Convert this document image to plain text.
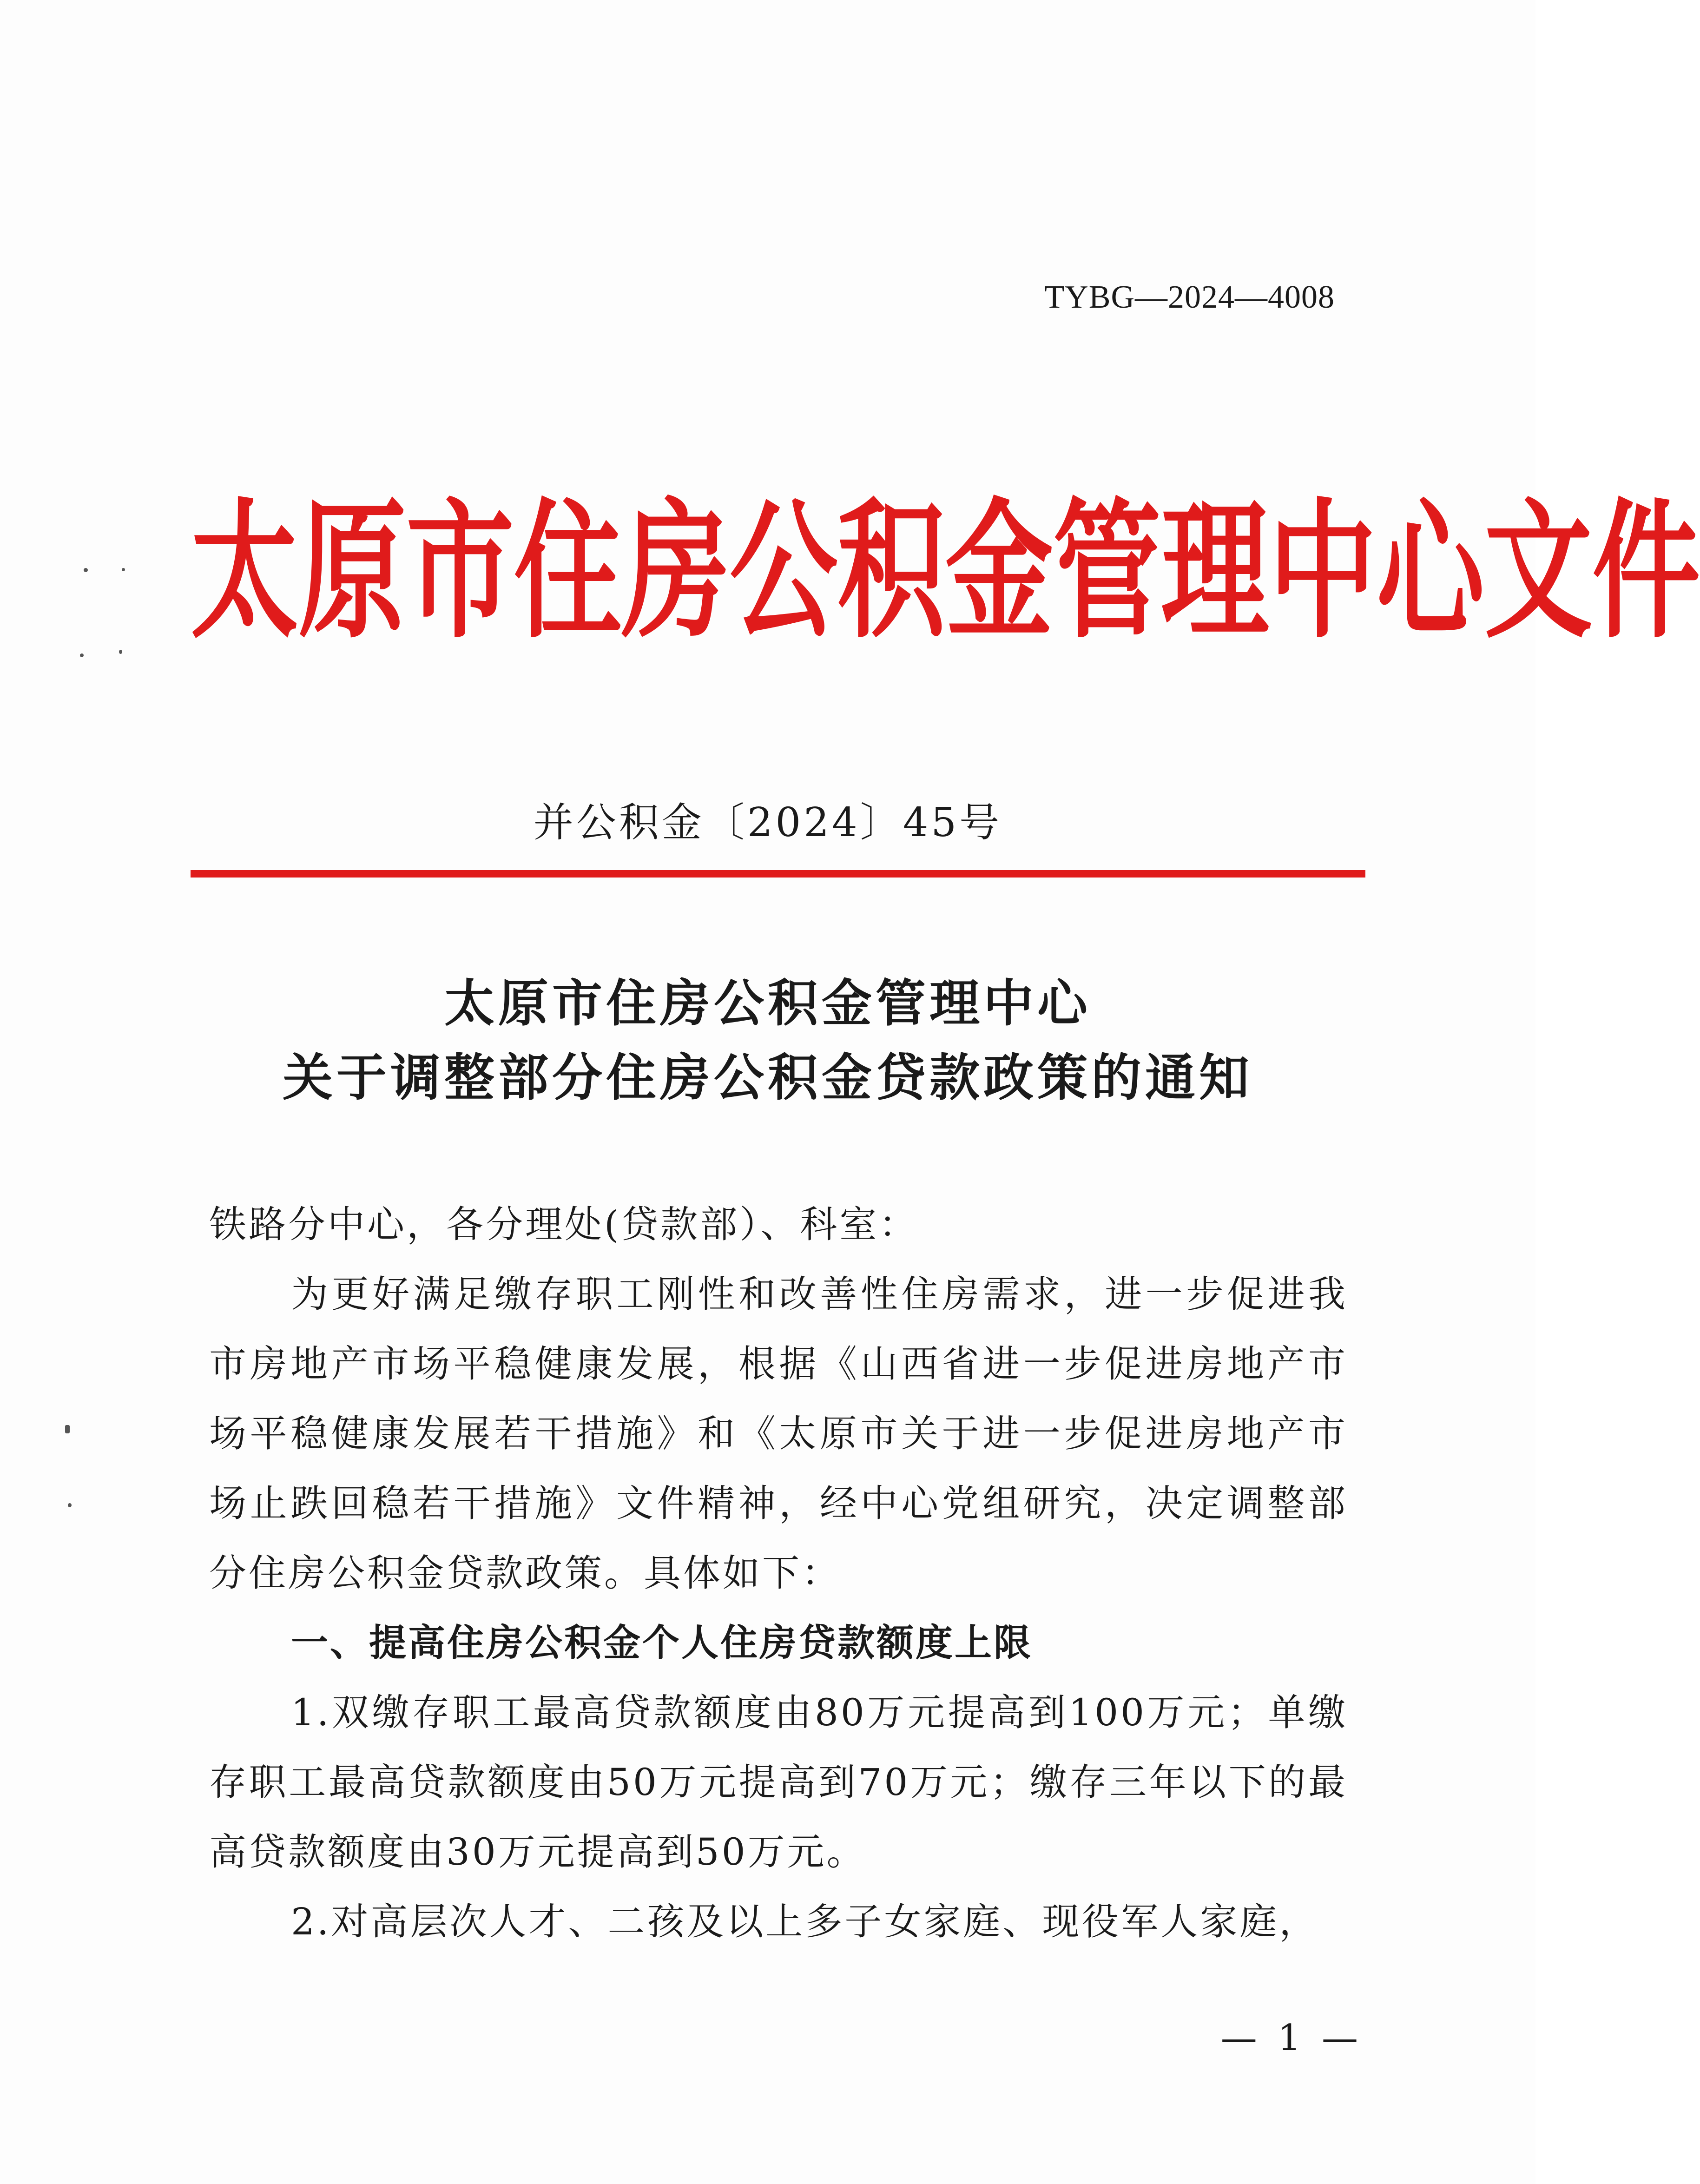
TYBG—2024—4008
太 原 市 住 房 公 积 金 管 理 中 心 文 件
并公积金〔2024〕45号
太原市住房公积金管理中心
关于调整部分住房公积金贷款政策的通知

铁路分中心，各分理处(贷款部）、科室：

为更好满足缴存职工刚性和改善性住房需求，进一步促进我市房地产市场平稳健康发展，根据《山西省进一步促进房地产市场平稳健康发展若干措施》和《太原市关于进一步促进房地产市场止跌回稳若干措施》文件精神，经中心党组研究，决定调整部分住房公积金贷款政策。具体如下：

一、提高住房公积金个人住房贷款额度上限

1.双缴存职工最高贷款额度由80万元提高到100万元；单缴存职工最高贷款额度由50万元提高到70万元；缴存三年以下的最高贷款额度由30万元提高到50万元。

2.对高层次人才、二孩及以上多子女家庭、现役军人家庭，

— 1 —
